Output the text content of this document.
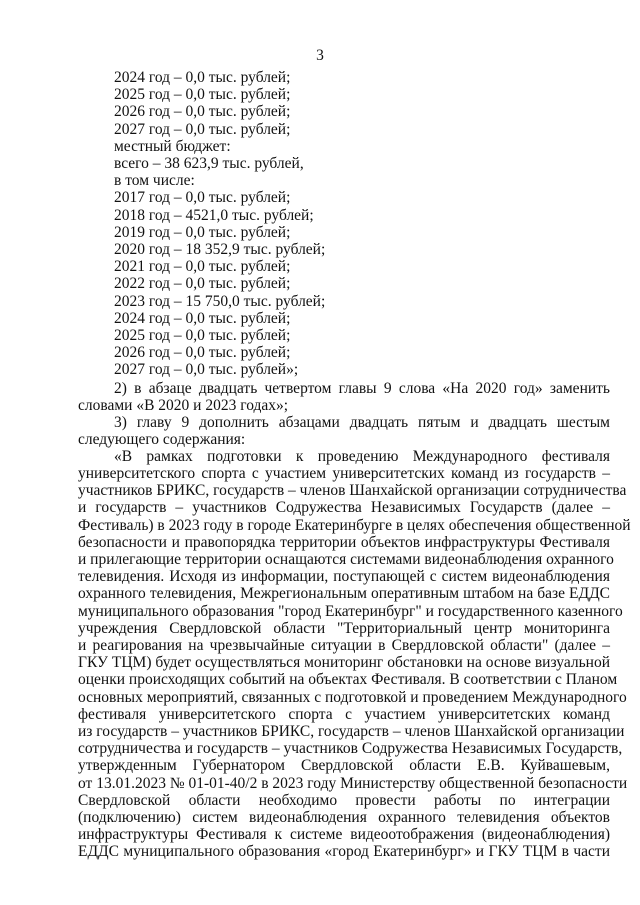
3
2024 год – 0,0 тыс. рублей;
2025 год – 0,0 тыс. рублей;
2026 год – 0,0 тыс. рублей;
2027 год – 0,0 тыс. рублей;
местный бюджет:
всего – 38 623,9 тыс. рублей,
в том числе:
2017 год – 0,0 тыс. рублей;
2018 год – 4521,0 тыс. рублей;
2019 год – 0,0 тыс. рублей;
2020 год – 18 352,9 тыс. рублей;
2021 год – 0,0 тыс. рублей;
2022 год – 0,0 тыс. рублей;
2023 год – 15 750,0 тыс. рублей;
2024 год – 0,0 тыс. рублей;
2025 год – 0,0 тыс. рублей;
2026 год – 0,0 тыс. рублей;
2027 год – 0,0 тыс. рублей»;
2) в абзаце двадцать четвертом главы 9 слова «На 2020 год» заменить
словами «В 2020 и 2023 годах»;
3) главу 9 дополнить абзацами двадцать пятым и двадцать шестым
следующего содержания:
«В рамках подготовки к проведению Международного фестиваля
университетского спорта с участием университетских команд из государств –
участников БРИКС, государств – членов Шанхайской организации сотрудничества
и государств – участников Содружества Независимых Государств (далее –
Фестиваль) в 2023 году в городе Екатеринбурге в целях обеспечения общественной
безопасности и правопорядка территории объектов инфраструктуры Фестиваля
и прилегающие территории оснащаются системами видеонаблюдения охранного
телевидения. Исходя из информации, поступающей с систем видеонаблюдения
охранного телевидения, Межрегиональным оперативным штабом на базе ЕДДС
муниципального образования "город Екатеринбург" и государственного казенного
учреждения Свердловской области "Территориальный центр мониторинга
и реагирования на чрезвычайные ситуации в Свердловской области" (далее –
ГКУ ТЦМ) будет осуществляться мониторинг обстановки на основе визуальной
оценки происходящих событий на объектах Фестиваля. В соответствии с Планом
основных мероприятий, связанных с подготовкой и проведением Международного
фестиваля университетского спорта с участием университетских команд
из государств – участников БРИКС, государств – членов Шанхайской организации
сотрудничества и государств – участников Содружества Независимых Государств,
утвержденным Губернатором Свердловской области Е.В. Куйвашевым,
от 13.01.2023 № 01-01-40/2 в 2023 году Министерству общественной безопасности
Свердловской области необходимо провести работы по интеграции
(подключению) систем видеонаблюдения охранного телевидения объектов
инфраструктуры Фестиваля к системе видеоотображения (видеонаблюдения)
ЕДДС муниципального образования «город Екатеринбург» и ГКУ ТЦМ в части
